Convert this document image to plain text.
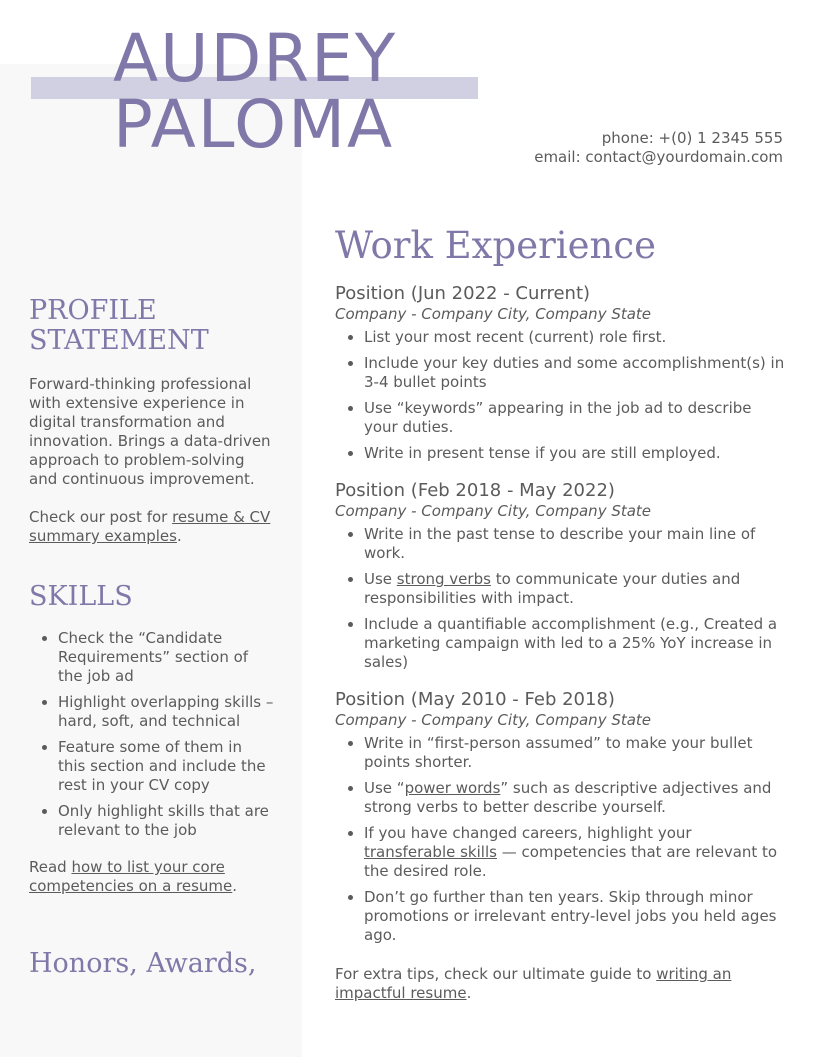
AUDREY
PALOMA	phone: +(0) 1 2345 555
email: contact@yourdomain.com
PROFILE
STATEMENT

Forward-thinking professional with extensive experience in digital transformation and innovation. Brings a data-driven approach to problem-solving and continuous improvement.

Check our post for resume & CV summary examples.

SKILLS
• Check the “Candidate Requirements” section of the job ad
• Highlight overlapping skills – hard, soft, and technical
• Feature some of them in this section and include the rest in your CV copy
• Only highlight skills that are relevant to the job

Read how to list your core competencies on a resume.

Honors, Awards,
Work Experience

Position (Jun 2022 - Current)

Company - Company City, Company State

• List your most recent (current) role first.
• Include your key duties and some accomplishment(s) in 3-4 bullet points
• Use “keywords” appearing in the job ad to describe your duties.
• Write in present tense if you are still employed.

Position (Feb 2018 - May 2022)

Company - Company City, Company State

• Write in the past tense to describe your main line of work.
• Use strong verbs to communicate your duties and responsibilities with impact.
• Include a quantifiable accomplishment (e.g., Created a marketing campaign with led to a 25% YoY increase in sales)

Position (May 2010 - Feb 2018)

Company - Company City, Company State

• Write in “first-person assumed” to make your bullet points shorter.
• Use “power words” such as descriptive adjectives and strong verbs to better describe yourself.
• If you have changed careers, highlight your transferable skills — competencies that are relevant to the desired role.
• Don’t go further than ten years. Skip through minor promotions or irrelevant entry-level jobs you held ages ago.

For extra tips, check our ultimate guide to writing an impactful resume.
